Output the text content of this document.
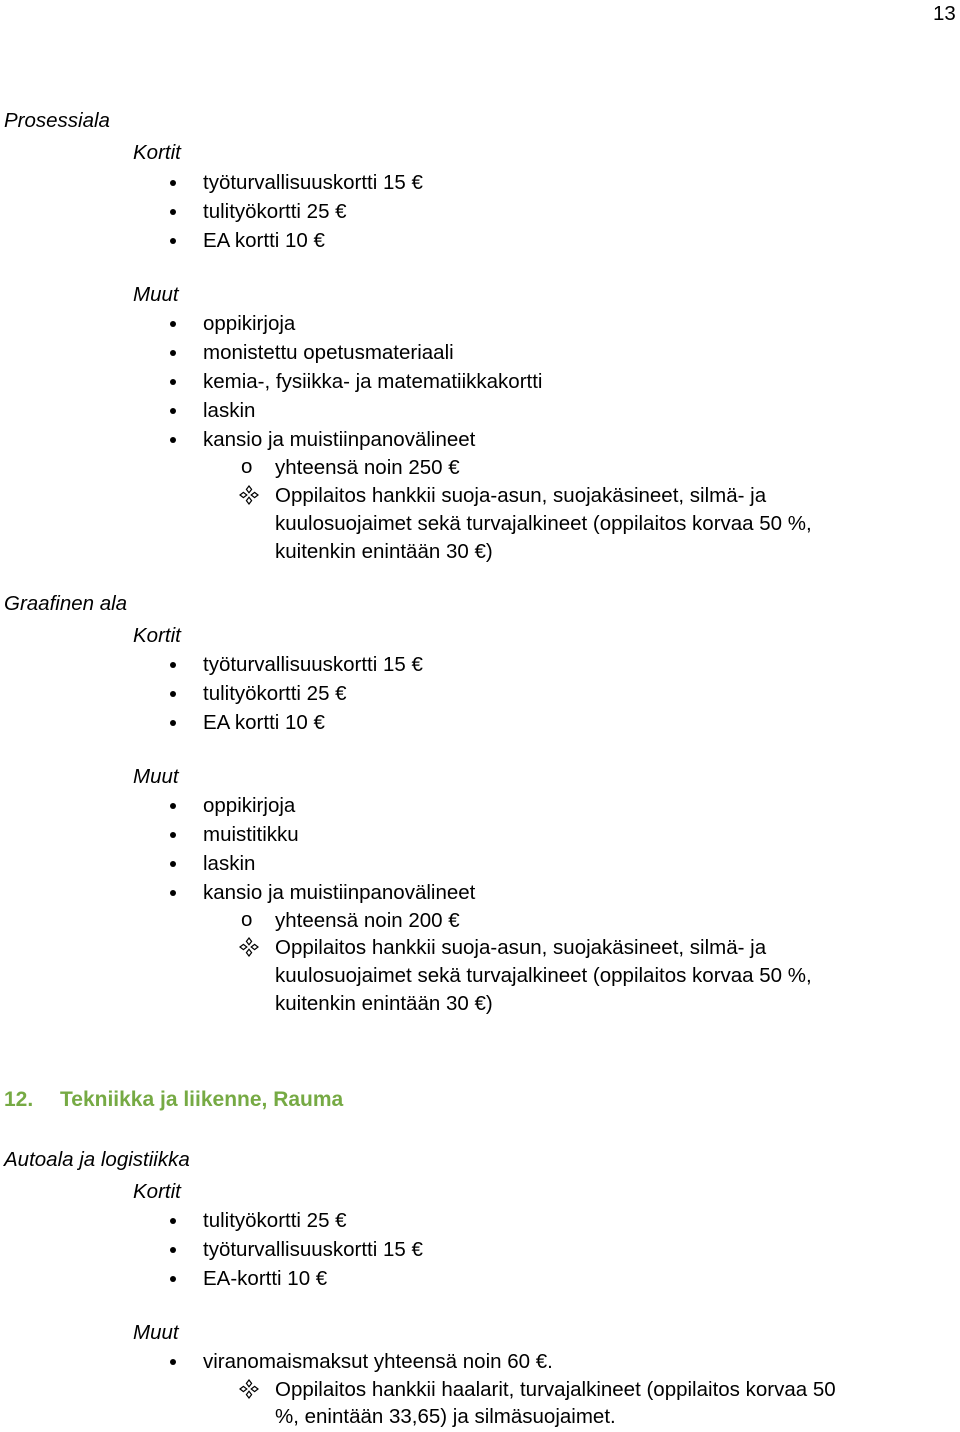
13
Prosessiala
Kortit
työturvallisuuskortti 15 €
tulityökortti 25 €
EA kortti 10 €
Muut
oppikirjoja
monistettu opetusmateriaali
kemia-, fysiikka- ja matematiikkakortti
laskin
kansio ja muistiinpanovälineet
o yhteensä noin 250 €
Oppilaitos hankkii suoja-asun, suojakäsineet, silmä- ja
kuulosuojaimet sekä turvajalkineet (oppilaitos korvaa 50 %,
kuitenkin enintään 30 €)
Graafinen ala
Kortit
työturvallisuuskortti 15 €
tulityökortti 25 €
EA kortti 10 €
Muut
oppikirjoja
muistitikku
laskin
kansio ja muistiinpanovälineet
o yhteensä noin 200 €
Oppilaitos hankkii suoja-asun, suojakäsineet, silmä- ja
kuulosuojaimet sekä turvajalkineet (oppilaitos korvaa 50 %,
kuitenkin enintään 30 €)
12. Tekniikka ja liikenne, Rauma
Autoala ja logistiikka
Kortit
tulityökortti 25 €
työturvallisuuskortti 15 €
EA-kortti 10 €
Muut
viranomaismaksut yhteensä noin 60 €.
Oppilaitos hankkii haalarit, turvajalkineet (oppilaitos korvaa 50
%, enintään 33,65) ja silmäsuojaimet.
